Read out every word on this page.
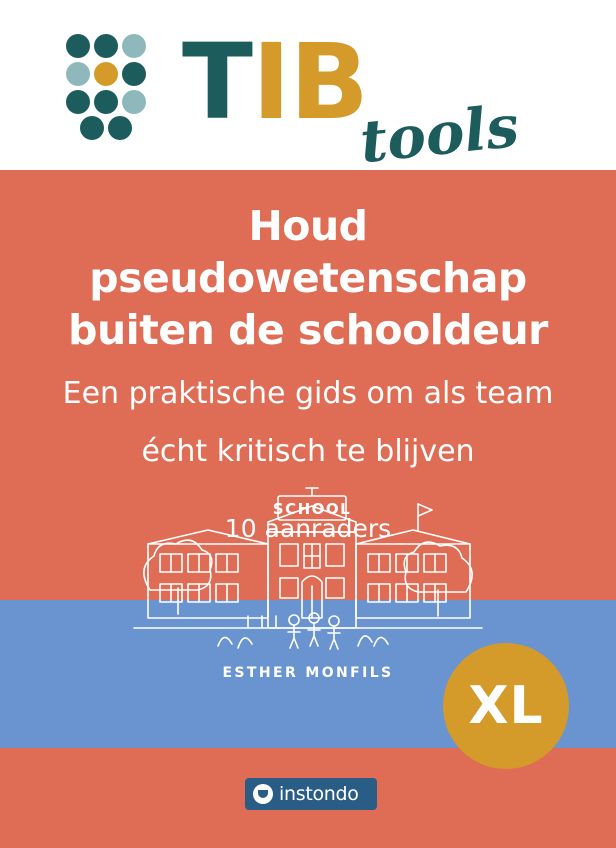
TIB
tools
Houd pseudowetenschap
buiten de schooldeur
Een praktische gids om als team
écht kritisch te blijven
10 aanraders
SCHOOL
ESTHER MONFILS
XL
instondo
